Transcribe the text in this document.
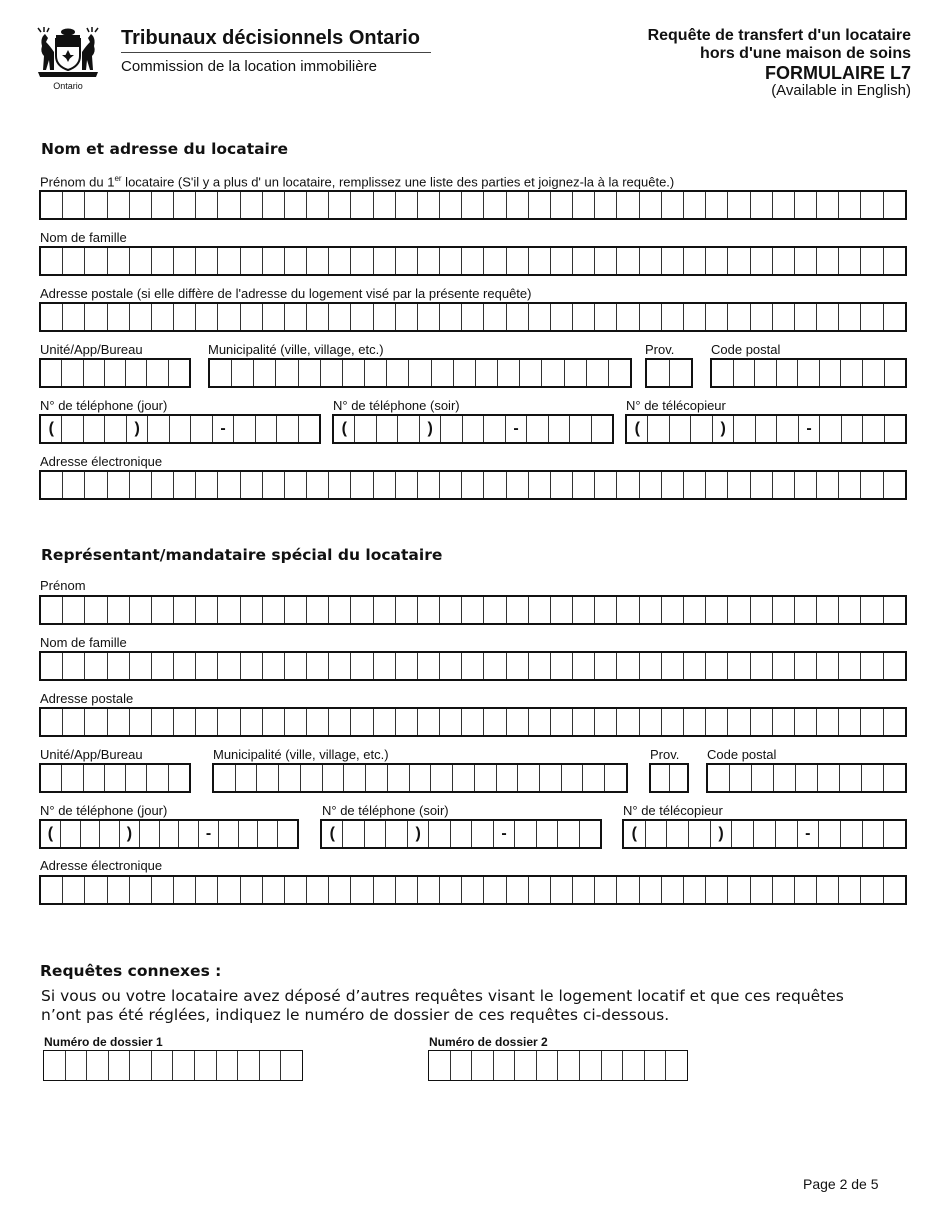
Ontario
Tribunaux décisionnels Ontario
Commission de la location immobilière
Requête de transfert d'un locataire
hors d'une maison de soins
FORMULAIRE L7
(Available in English)
Nom et adresse du locataire
Prénom du 1er locataire (S'il y a plus d' un locataire, remplissez une liste des parties et joignez-la à la requête.)
Nom de famille
Adresse postale (si elle diffère de l'adresse du logement visé par la présente requête)
Unité/App/Bureau	Municipalité (ville, village, etc.)	Prov.	Code postal
N° de téléphone (jour)	N° de téléphone (soir)	N° de télécopieur
(	)	-	(	)	-	(	)	-
Adresse électronique
Représentant/mandataire spécial du locataire
Prénom
Nom de famille
Adresse postale
Unité/App/Bureau	Municipalité (ville, village, etc.)	Prov. Code postal
N° de téléphone (jour)	N° de téléphone (soir)	N° de télécopieur
(	)	-	(	)	-	(	)	-
Adresse électronique
Requêtes connexes :
Si vous ou votre locataire avez déposé d’autres requêtes visant le logement locatif et que ces requêtes
n’ont pas été réglées, indiquez le numéro de dossier de ces requêtes ci-dessous.
Numéro de dossier 1	Numéro de dossier 2
Page 2 de 5
